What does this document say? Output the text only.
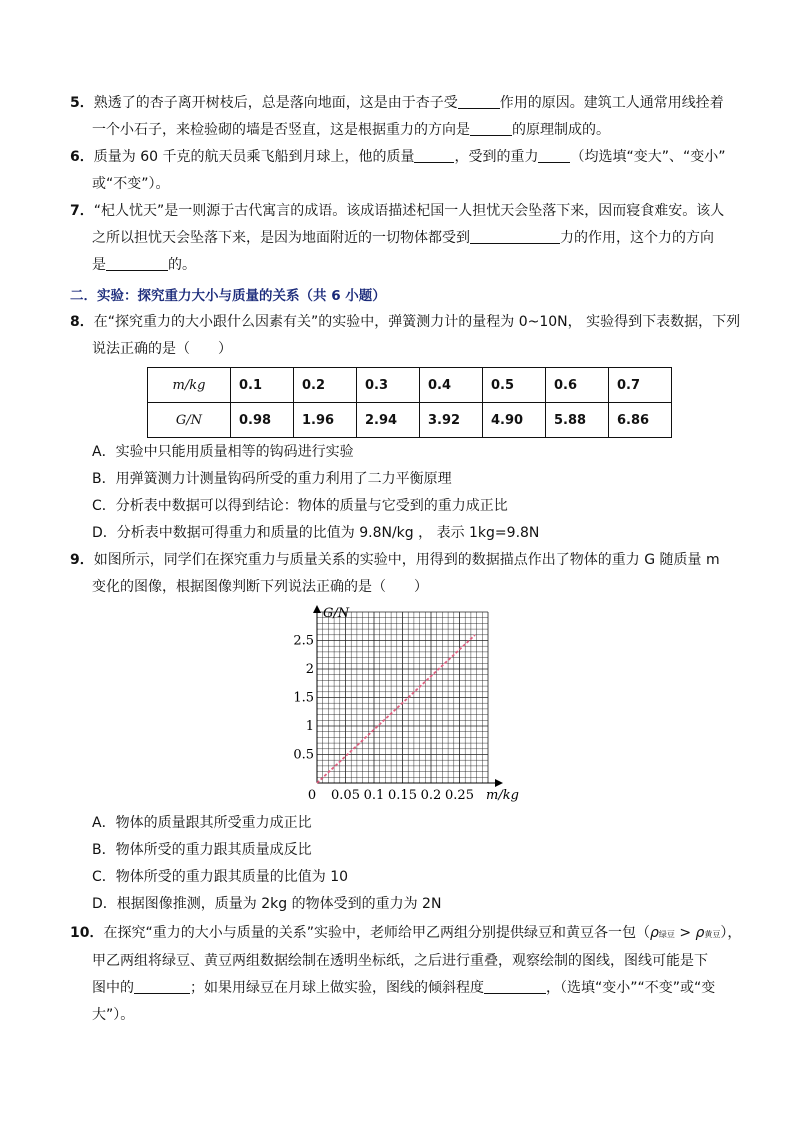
5．熟透了的杏子离开树枝后，总是落向地面，这是由于杏子受	作用的原因。建筑工人通常用线拴着
一个小石子，来检验砌的墙是否竖直，这是根据重力的方向是	的原理制成的。
6．质量为 60 千克的航天员乘飞船到月球上，他的质量	，受到的重力 （均选填“变大”、“变小”
或“不变”）。
7．“杞人忧天”是一则源于古代寓言的成语。该成语描述杞国一人担忧天会坠落下来，因而寝食难安。该人
之所以担忧天会坠落下来，是因为地面附近的一切物体都受到	力的作用，这个力的方向
是	的。
二．实验：探究重力大小与质量的关系（共 6 小题）
8．在“探究重力的大小跟什么因素有关”的实验中，弹簧测力计的量程为 0~10N， 实验得到下表数据，下列
说法正确的是（　　）
m/kg	0.1	0.2	0.3	0.4	0.5	0.6	0.7
G/N	0.98	1.96	2.94	3.92	4.90	5.88	6.86
A．实验中只能用质量相等的钩码进行实验
B．用弹簧测力计测量钩码所受的重力利用了二力平衡原理
C．分析表中数据可以得到结论：物体的质量与它受到的重力成正比
D．分析表中数据可得重力和质量的比值为 9.8N/kg ， 表示 1kg=9.8N
9．如图所示，同学们在探究重力与质量关系的实验中，用得到的数据描点作出了物体的重力 G 随质量 m
变化的图像，根据图像判断下列说法正确的是（　　）
G/N
m/kg
0
0.5
1
1.5
2
2.5
0.05 0.1 0.15 0.2 0.25
A．物体的质量跟其所受重力成正比
B．物体所受的重力跟其质量成反比
C．物体所受的重力跟其质量的比值为 10
D．根据图像推测，质量为 2kg 的物体受到的重力为 2N
10．在探究“重力的大小与质量的关系”实验中，老师给甲乙两组分别提供绿豆和黄豆各一包（ρ绿豆 > ρ黄豆），
甲乙两组将绿豆、黄豆两组数据绘制在透明坐标纸，之后进行重叠，观察绘制的图线，图线可能是下
图中的	；如果用绿豆在月球上做实验，图线的倾斜程度	，（选填“变小”“不变”或“变
大”）。
